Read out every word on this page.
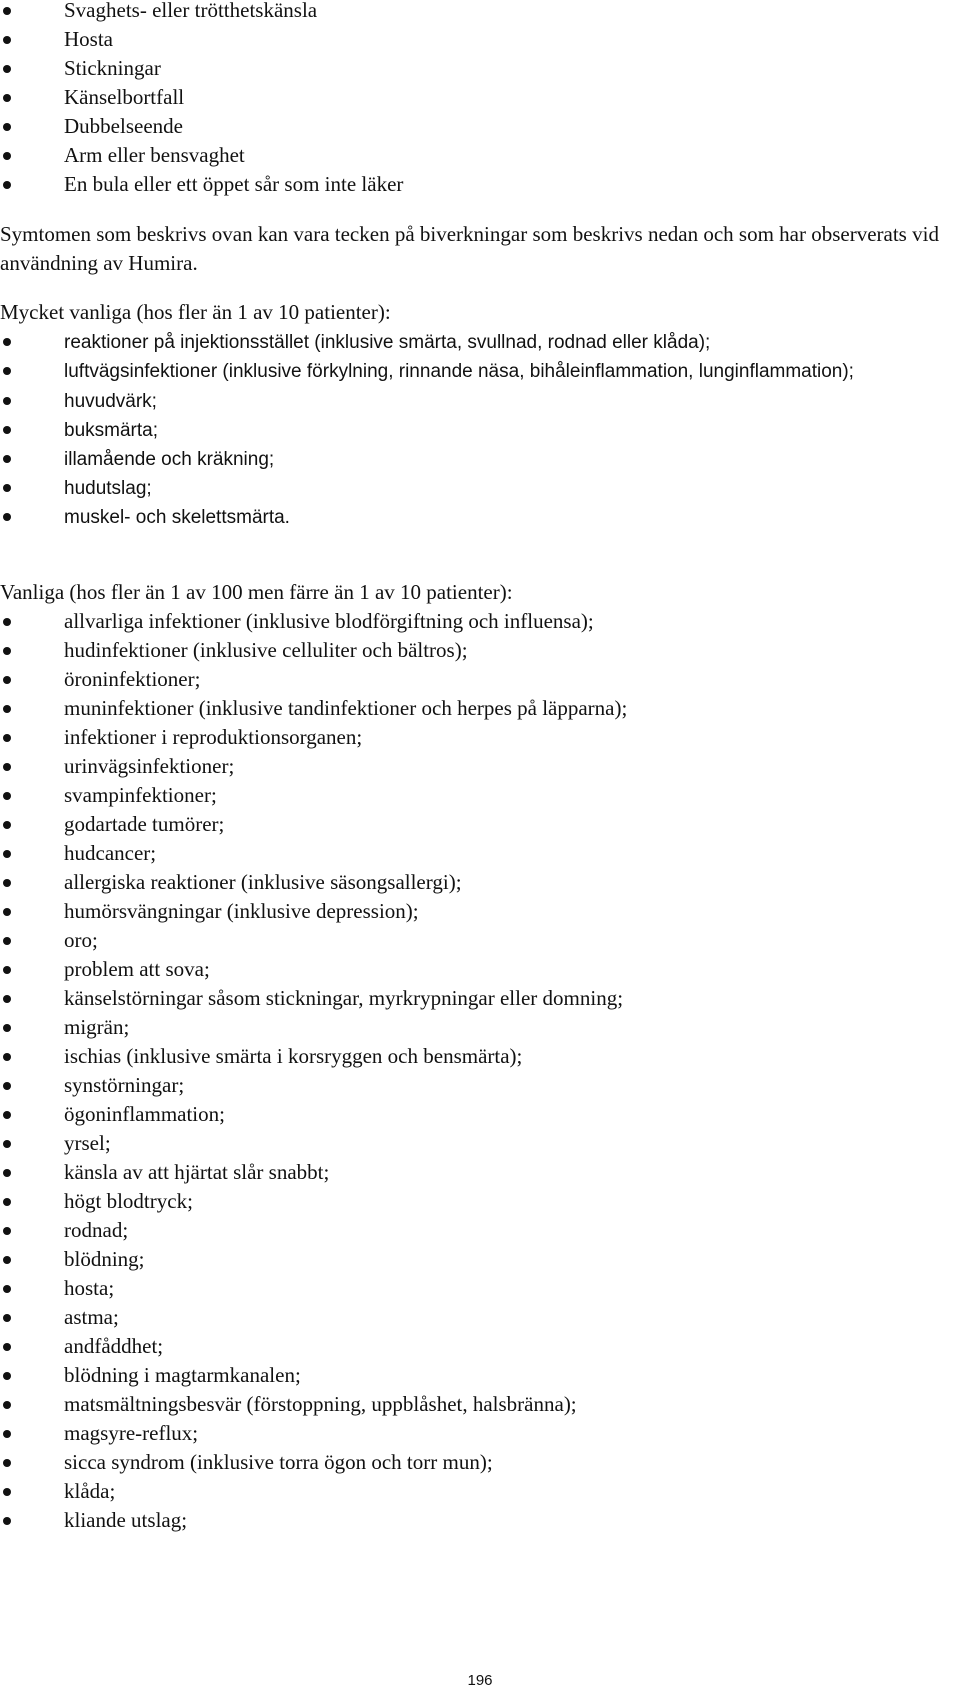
Svaghets- eller trötthetskänsla
Hosta
Stickningar
Känselbortfall
Dubbelseende
Arm eller bensvaghet
En bula eller ett öppet sår som inte läker
Symtomen som beskrivs ovan kan vara tecken på biverkningar som beskrivs nedan och som har observerats vid användning av Humira.
Mycket vanliga (hos fler än 1 av 10 patienter):
reaktioner på injektionsstället (inklusive smärta, svullnad, rodnad eller klåda);
luftvägsinfektioner (inklusive förkylning, rinnande näsa, bihåleinflammation, lunginflammation);
huvudvärk;
buksmärta;
illamående och kräkning;
hudutslag;
muskel- och skelettsmärta.
Vanliga (hos fler än 1 av 100 men färre än 1 av 10 patienter):
allvarliga infektioner (inklusive blodförgiftning och influensa);
hudinfektioner (inklusive celluliter och bältros);
öroninfektioner;
muninfektioner (inklusive tandinfektioner och herpes på läpparna);
infektioner i reproduktionsorganen;
urinvägsinfektioner;
svampinfektioner;
godartade tumörer;
hudcancer;
allergiska reaktioner (inklusive säsongsallergi);
humörsvängningar (inklusive depression);
oro;
problem att sova;
känselstörningar såsom stickningar, myrkrypningar eller domning;
migrän;
ischias (inklusive smärta i korsryggen och bensmärta);
synstörningar;
ögoninflammation;
yrsel;
känsla av att hjärtat slår snabbt;
högt blodtryck;
rodnad;
blödning;
hosta;
astma;
andfåddhet;
blödning i magtarmkanalen;
matsmältningsbesvär (förstoppning, uppblåshet, halsbränna);
magsyre-reflux;
sicca syndrom (inklusive torra ögon och torr mun);
klåda;
kliande utslag;
196
